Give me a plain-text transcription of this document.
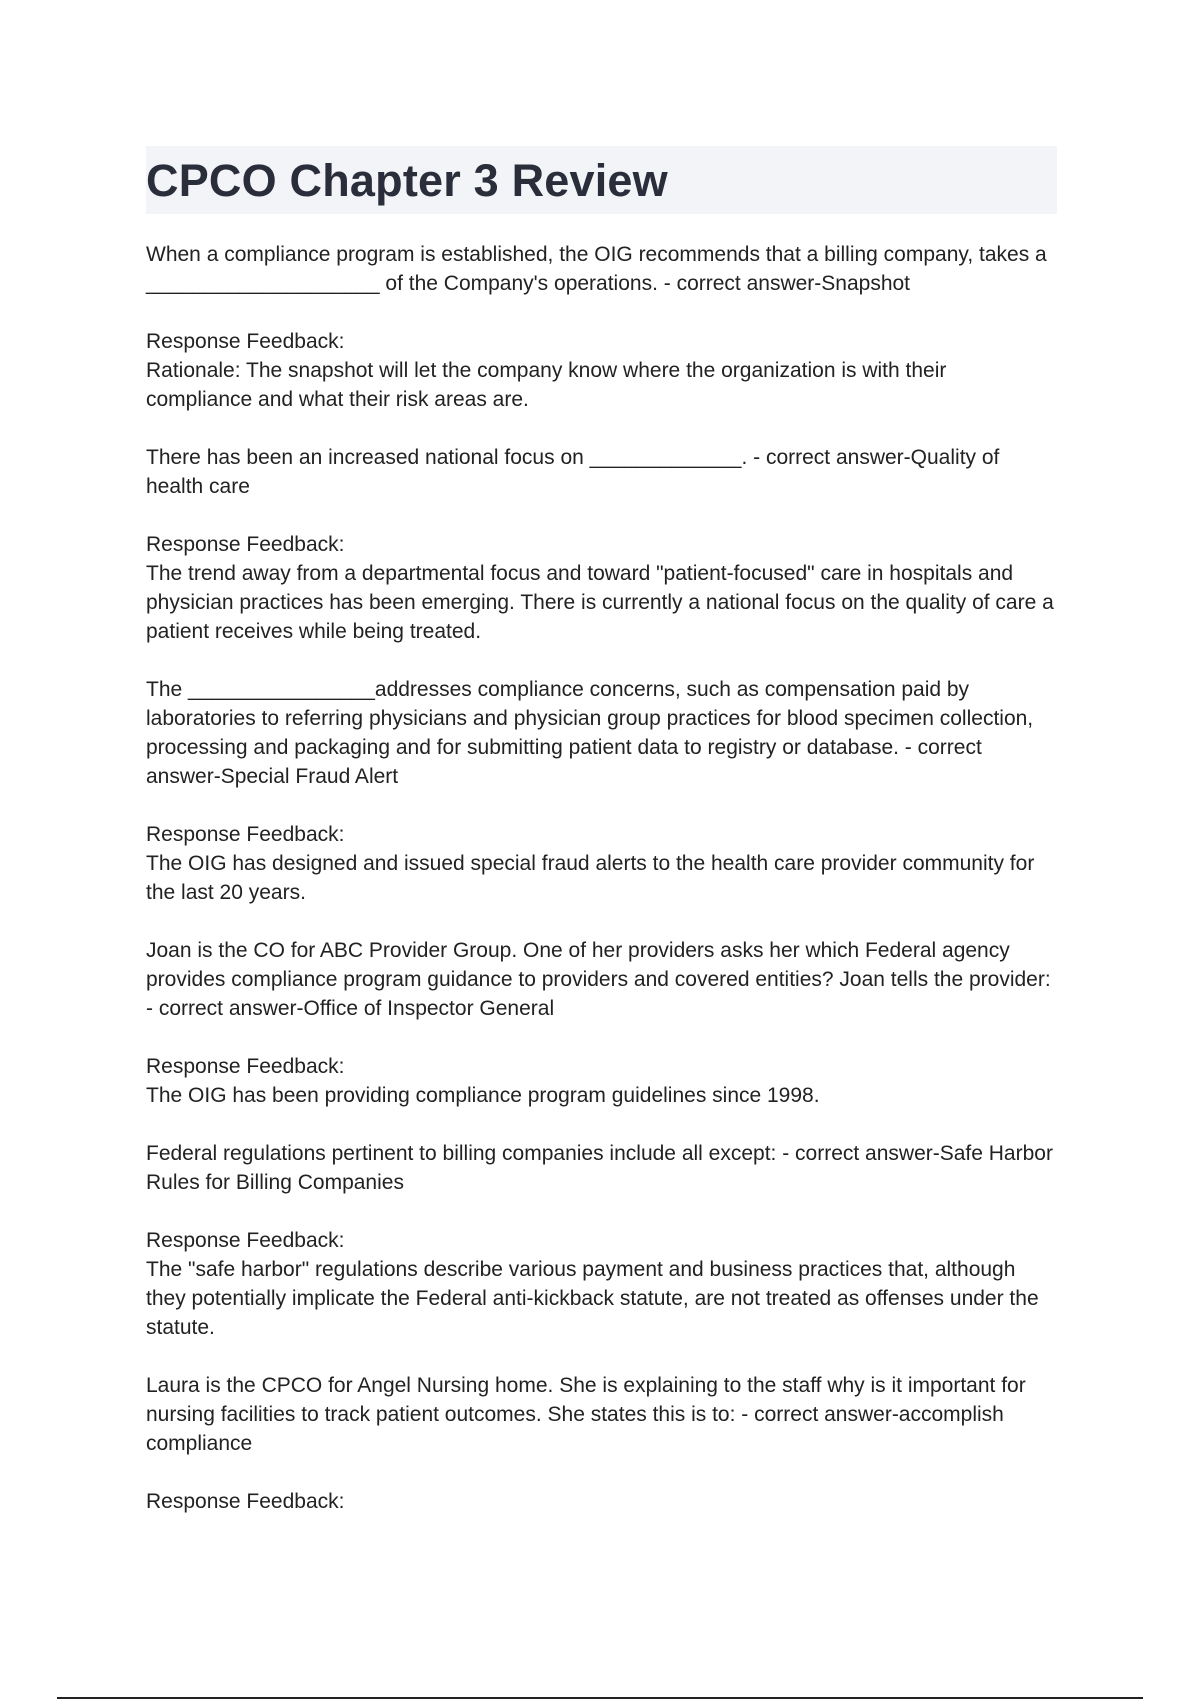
CPCO Chapter 3 Review

When a compliance program is established, the OIG recommends that a billing company, takes a ____________________ of the Company's operations. - correct answer-Snapshot

Response Feedback:

Rationale: The snapshot will let the company know where the organization is with their compliance and what their risk areas are.

There has been an increased national focus on _____________. - correct answer-Quality of health care

Response Feedback:

The trend away from a departmental focus and toward "patient-focused" care in hospitals and physician practices has been emerging. There is currently a national focus on the quality of care a patient receives while being treated.

The ________________addresses compliance concerns, such as compensation paid by laboratories to referring physicians and physician group practices for blood specimen collection, processing and packaging and for submitting patient data to registry or database. - correct answer-Special Fraud Alert

Response Feedback:

The OIG has designed and issued special fraud alerts to the health care provider community for the last 20 years.

Joan is the CO for ABC Provider Group. One of her providers asks her which Federal agency provides compliance program guidance to providers and covered entities? Joan tells the provider: - correct answer-Office of Inspector General

Response Feedback:

The OIG has been providing compliance program guidelines since 1998.

Federal regulations pertinent to billing companies include all except: - correct answer-Safe Harbor Rules for Billing Companies

Response Feedback:

The "safe harbor" regulations describe various payment and business practices that, although they potentially implicate the Federal anti-kickback statute, are not treated as offenses under the statute.

Laura is the CPCO for Angel Nursing home. She is explaining to the staff why is it important for nursing facilities to track patient outcomes. She states this is to: - correct answer-accomplish compliance

Response Feedback:
